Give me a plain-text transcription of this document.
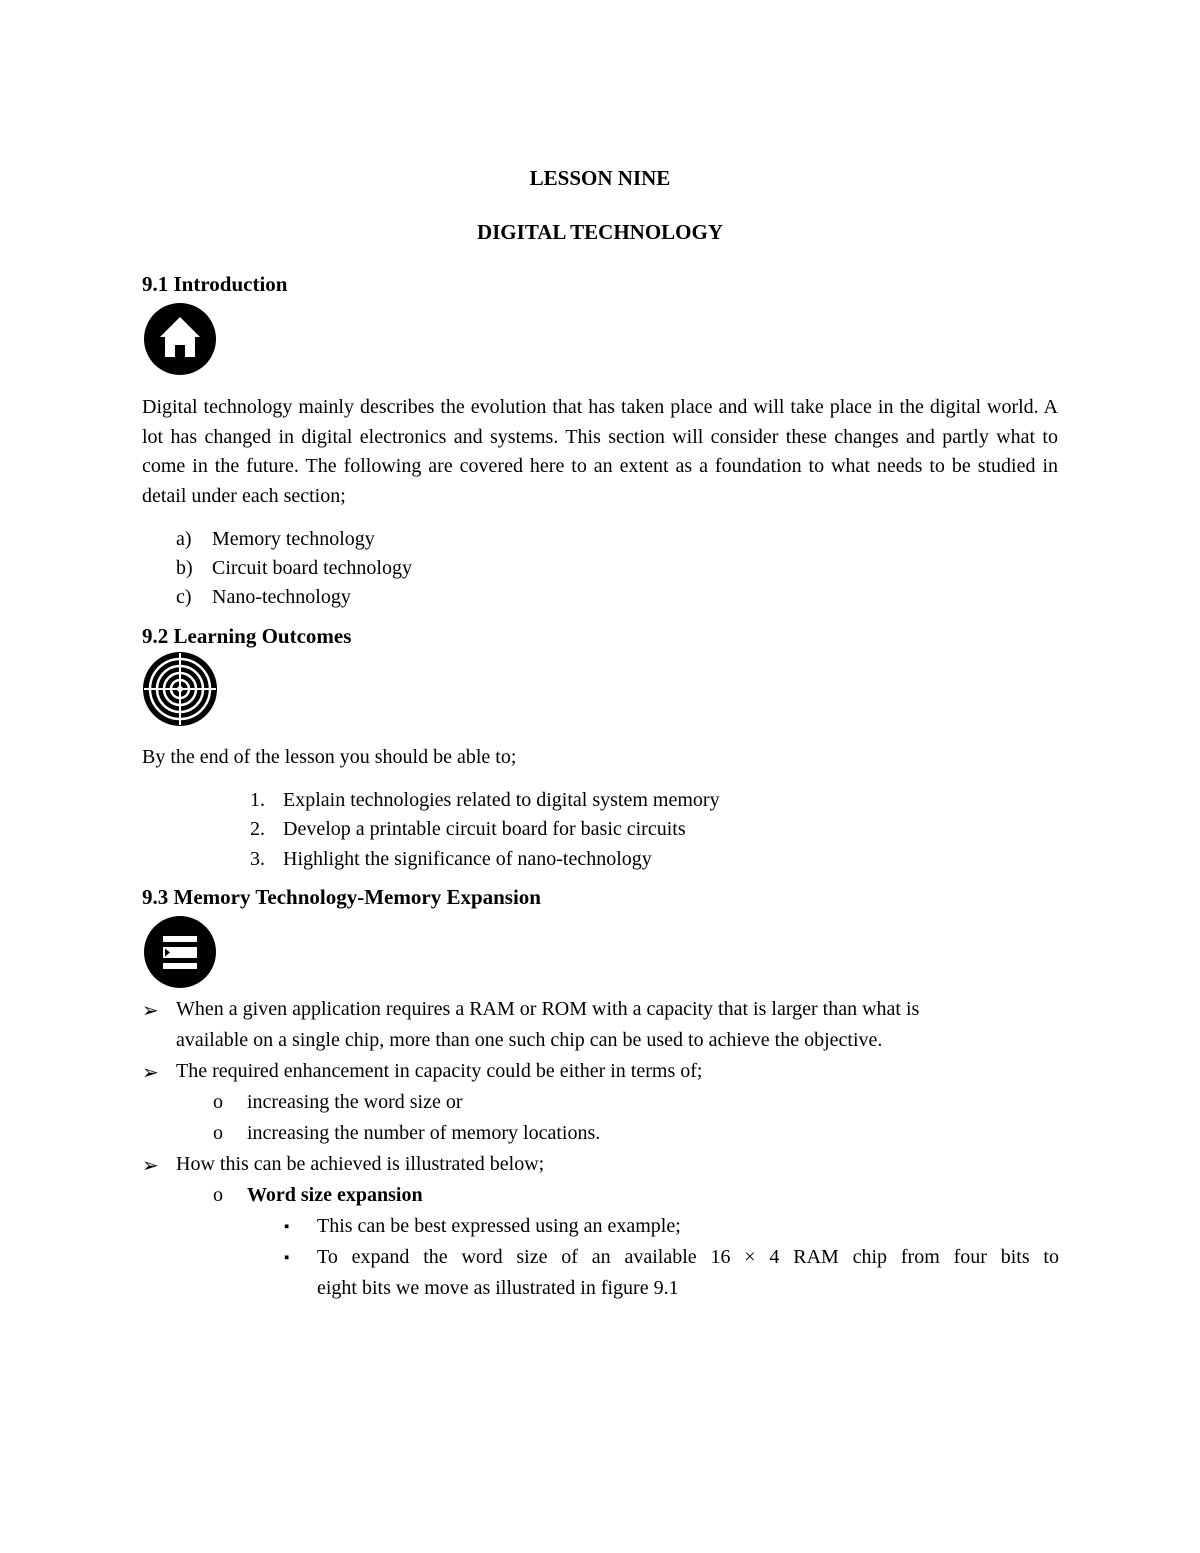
LESSON NINE
DIGITAL TECHNOLOGY
9.1 Introduction

Digital technology mainly describes the evolution that has taken place and will take place in the digital world. A lot has changed in digital electronics and systems. This section will consider these changes and partly what to come in the future. The following are covered here to an extent as a foundation to what needs to be studied in detail under each section;

a) Memory technology
b) Circuit board technology
c) Nano-technology
9.2 Learning Outcomes

By the end of the lesson you should be able to;

1. Explain technologies related to digital system memory
2. Develop a printable circuit board for basic circuits
3. Highlight the significance of nano-technology
9.3 Memory Technology-Memory Expansion
➢ When a given application requires a RAM or ROM with a capacity that is larger than what is
available on a single chip, more than one such chip can be used to achieve the objective.
➢ The required enhancement in capacity could be either in terms of;
o increasing the word size or
o increasing the number of memory locations.
➢ How this can be achieved is illustrated below;
o Word size expansion
▪ This can be best expressed using an example;
▪ To expand the word size of an available 16 × 4 RAM chip from four bits to
eight bits we move as illustrated in figure 9.1
